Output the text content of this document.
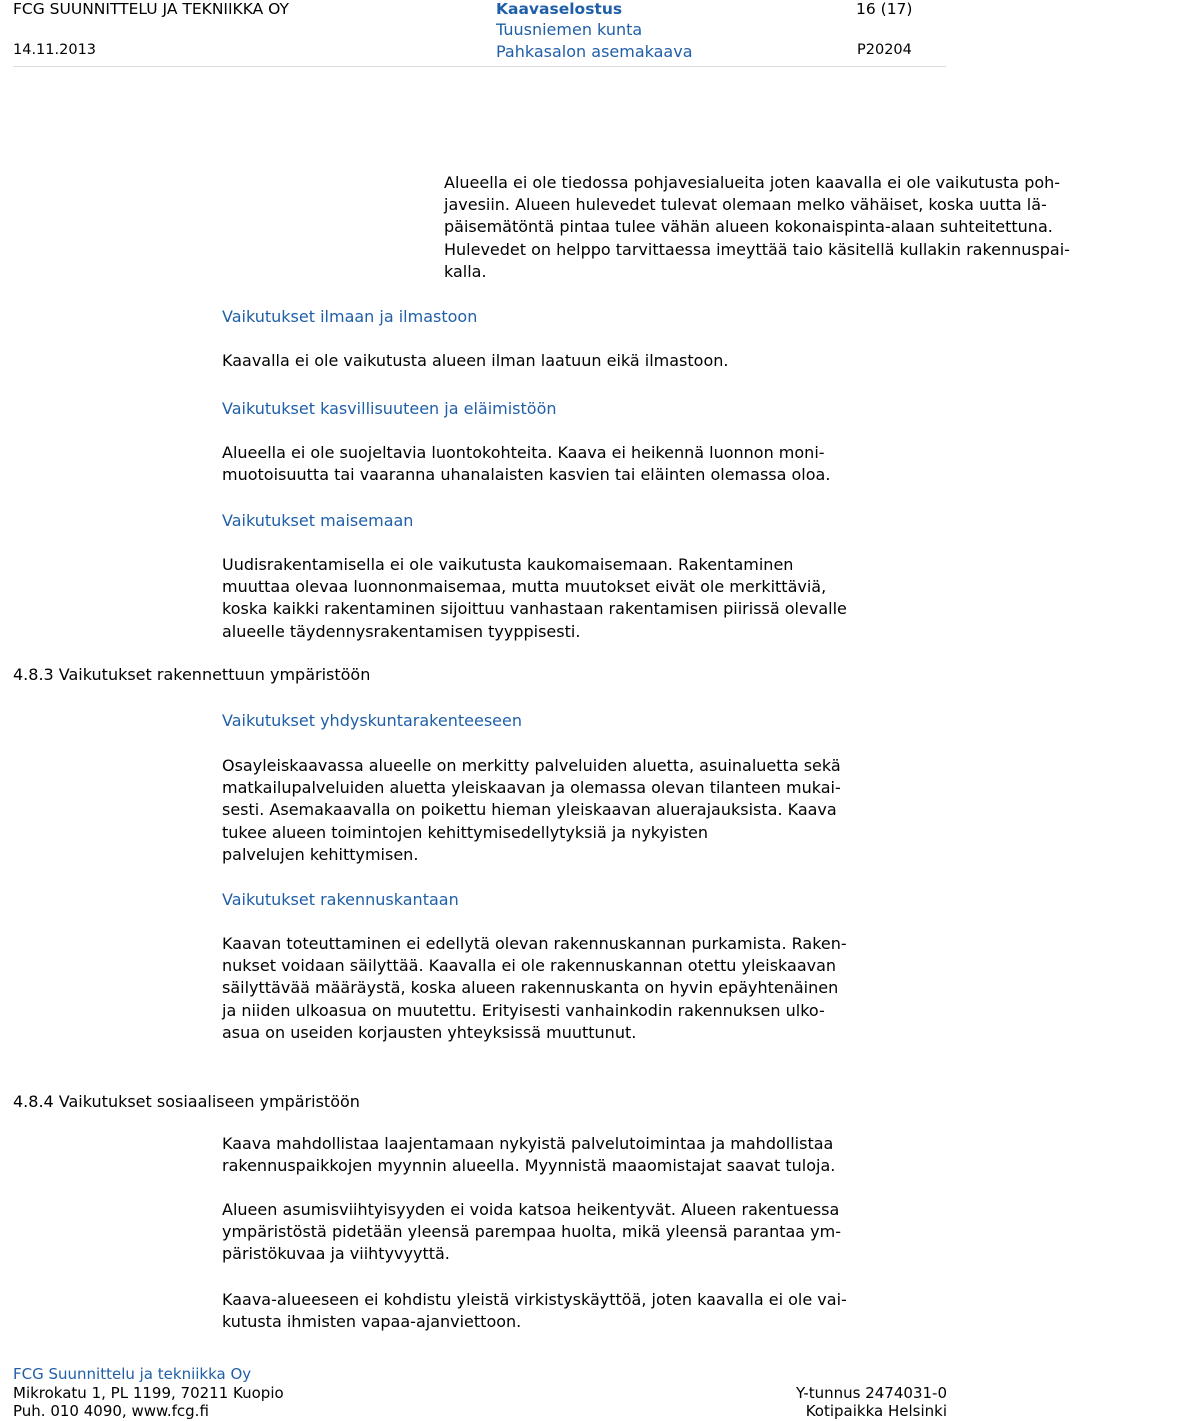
FCG SUUNNITTELU JA TEKNIIKKA OY	Kaavaselostus	16 (17)
14.11.2013
Tuusniemen kunta
Pahkasalon asemakaava	P20204

Alueella ei ole tiedossa pohjavesialueita joten kaavalla ei ole vaikutusta poh-
javesiin. Alueen hulevedet tulevat olemaan melko vähäiset, koska uutta lä-
päisemätöntä pintaa tulee vähän alueen kokonaispinta-alaan suhteitettuna.
Hulevedet on helppo tarvittaessa imeyttää taio käsitellä kullakin rakennuspai-
kalla.

Vaikutukset ilmaan ja ilmastoon

Kaavalla ei ole vaikutusta alueen ilman laatuun eikä ilmastoon.

Vaikutukset kasvillisuuteen ja eläimistöön

Alueella ei ole suojeltavia luontokohteita. Kaava ei heikennä luonnon moni-
muotoisuutta tai vaaranna uhanalaisten kasvien tai eläinten olemassa oloa.

Vaikutukset maisemaan

Uudisrakentamisella ei ole vaikutusta kaukomaisemaan. Rakentaminen
muuttaa olevaa luonnonmaisemaa, mutta muutokset eivät ole merkittäviä,
koska kaikki rakentaminen sijoittuu vanhastaan rakentamisen piirissä olevalle
alueelle täydennysrakentamisen tyyppisesti.

Vaikutukset yhdyskuntarakenteeseen

Osayleiskaavassa alueelle on merkitty palveluiden aluetta, asuinaluetta sekä
matkailupalveluiden aluetta yleiskaavan ja olemassa olevan tilanteen mukai-
sesti. Asemakaavalla on poikettu hieman yleiskaavan aluerajauksista. Kaava
tukee alueen toimintojen kehittymisedellytyksiä ja nykyisten
palvelujen kehittymisen.

Vaikutukset rakennuskantaan

Kaavan toteuttaminen ei edellytä olevan rakennuskannan purkamista. Raken-
nukset voidaan säilyttää. Kaavalla ei ole rakennuskannan otettu yleiskaavan
säilyttävää määräystä, koska alueen rakennuskanta on hyvin epäyhtenäinen
ja niiden ulkoasua on muutettu. Erityisesti vanhainkodin rakennuksen ulko-
asua on useiden korjausten yhteyksissä muuttunut.

Kaava mahdollistaa laajentamaan nykyistä palvelutoimintaa ja mahdollistaa
rakennuspaikkojen myynnin alueella. Myynnistä maaomistajat saavat tuloja.

Alueen asumisviihtyisyyden ei voida katsoa heikentyvät. Alueen rakentuessa
ympäristöstä pidetään yleensä parempaa huolta, mikä yleensä parantaa ym-
päristökuvaa ja viihtyvyyttä.

Kaava-alueeseen ei kohdistu yleistä virkistyskäyttöä, joten kaavalla ei ole vai-
kutusta ihmisten vapaa-ajanviettoon.

4.8.3 Vaikutukset rakennettuun ympäristöön
4.8.4 Vaikutukset sosiaaliseen ympäristöön
FCG Suunnittelu ja tekniikka Oy
Mikrokatu 1, PL 1199, 70211 Kuopio
Puh. 010 4090, www.fcg.fi
Y-tunnus 2474031-0
Kotipaikka Helsinki
